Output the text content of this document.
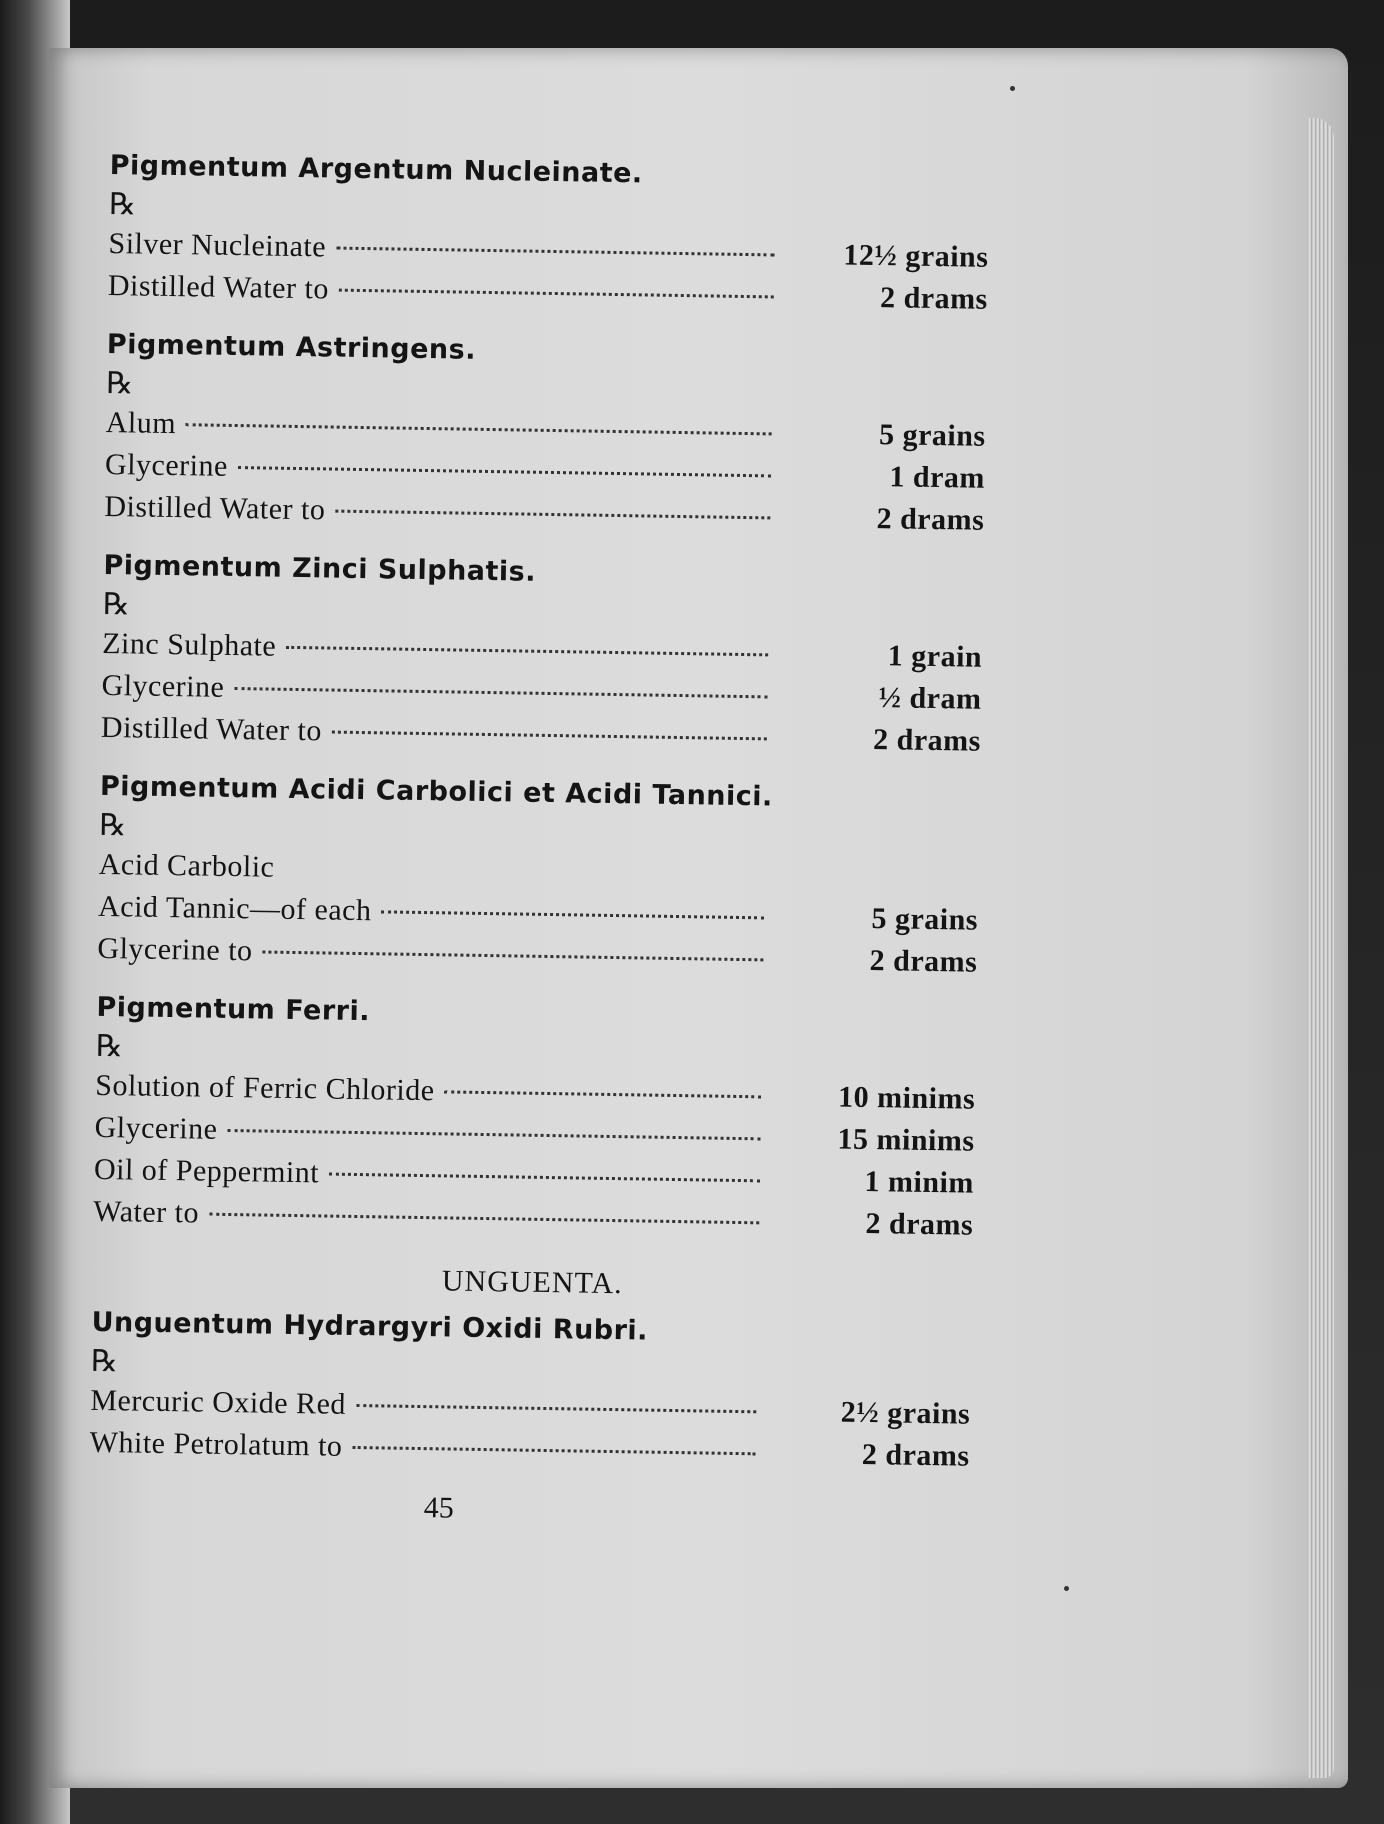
Pigmentum Argentum Nucleinate.
℞
Silver Nucleinate	12½ grains
Distilled Water to	2 drams
Pigmentum Astringens.
℞
Alum	5 grains
Glycerine	1 dram
Distilled Water to	2 drams
Pigmentum Zinci Sulphatis.
℞
Zinc Sulphate	1 grain
Glycerine	½ dram
Distilled Water to	2 drams
Pigmentum Acidi Carbolici et Acidi Tannici.
℞
Acid Carbolic
Acid Tannic—of each	5 grains
Glycerine to	2 drams
Pigmentum Ferri.
℞
Solution of Ferric Chloride	10 minims
Glycerine	15 minims
Oil of Peppermint	1 minim
Water to	2 drams
UNGUENTA.
Unguentum Hydrargyri Oxidi Rubri.
℞
Mercuric Oxide Red	2½ grains
White Petrolatum to	2 drams
45
